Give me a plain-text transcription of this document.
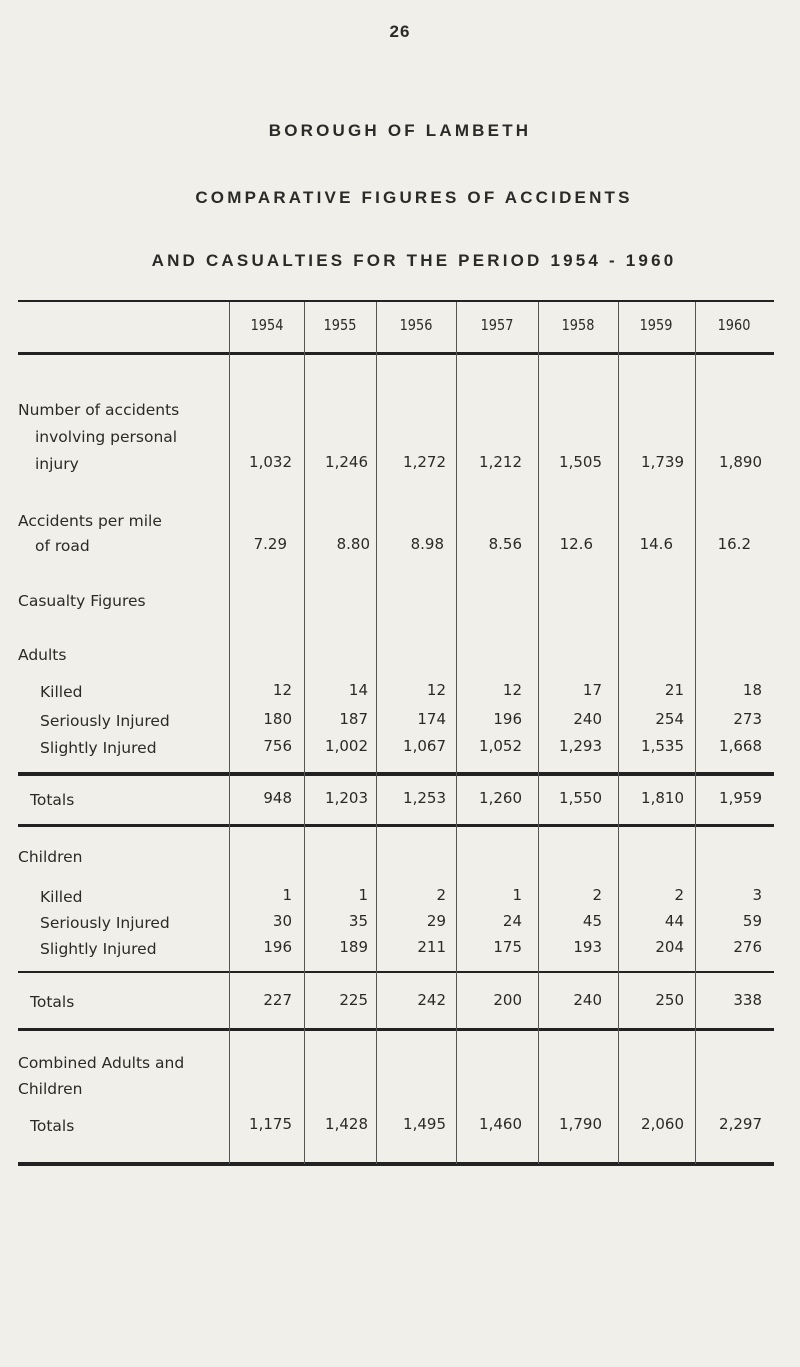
26
BOROUGH OF LAMBETH
COMPARATIVE FIGURES OF ACCIDENTS
AND CASUALTIES FOR THE PERIOD 1954 - 1960
1954	1955	1956	1957	1958	1959	1960
Number of accidents
involving personal
injury	1,032	1,246	1,272	1,212	1,505	1,739	1,890
Accidents per mile
of road	7.29	8.80	8.98	8.56	12.6	14.6	16.2
Casualty Figures
Adults
Killed	12	14	12	12	17	21	18
Seriously Injured	180	187	174	196	240	254	273
Slightly Injured	756	1,002	1,067	1,052	1,293	1,535	1,668
Totals	948	1,203	1,253	1,260	1,550	1,810	1,959
Children
Killed	1	1	2	1	2	2	3
Seriously Injured	30	35	29	24	45	44	59
Slightly Injured	196	189	211	175	193	204	276
Totals	227	225	242	200	240	250	338
Combined Adults and
Children
Totals	1,175	1,428	1,495	1,460	1,790	2,060	2,297
